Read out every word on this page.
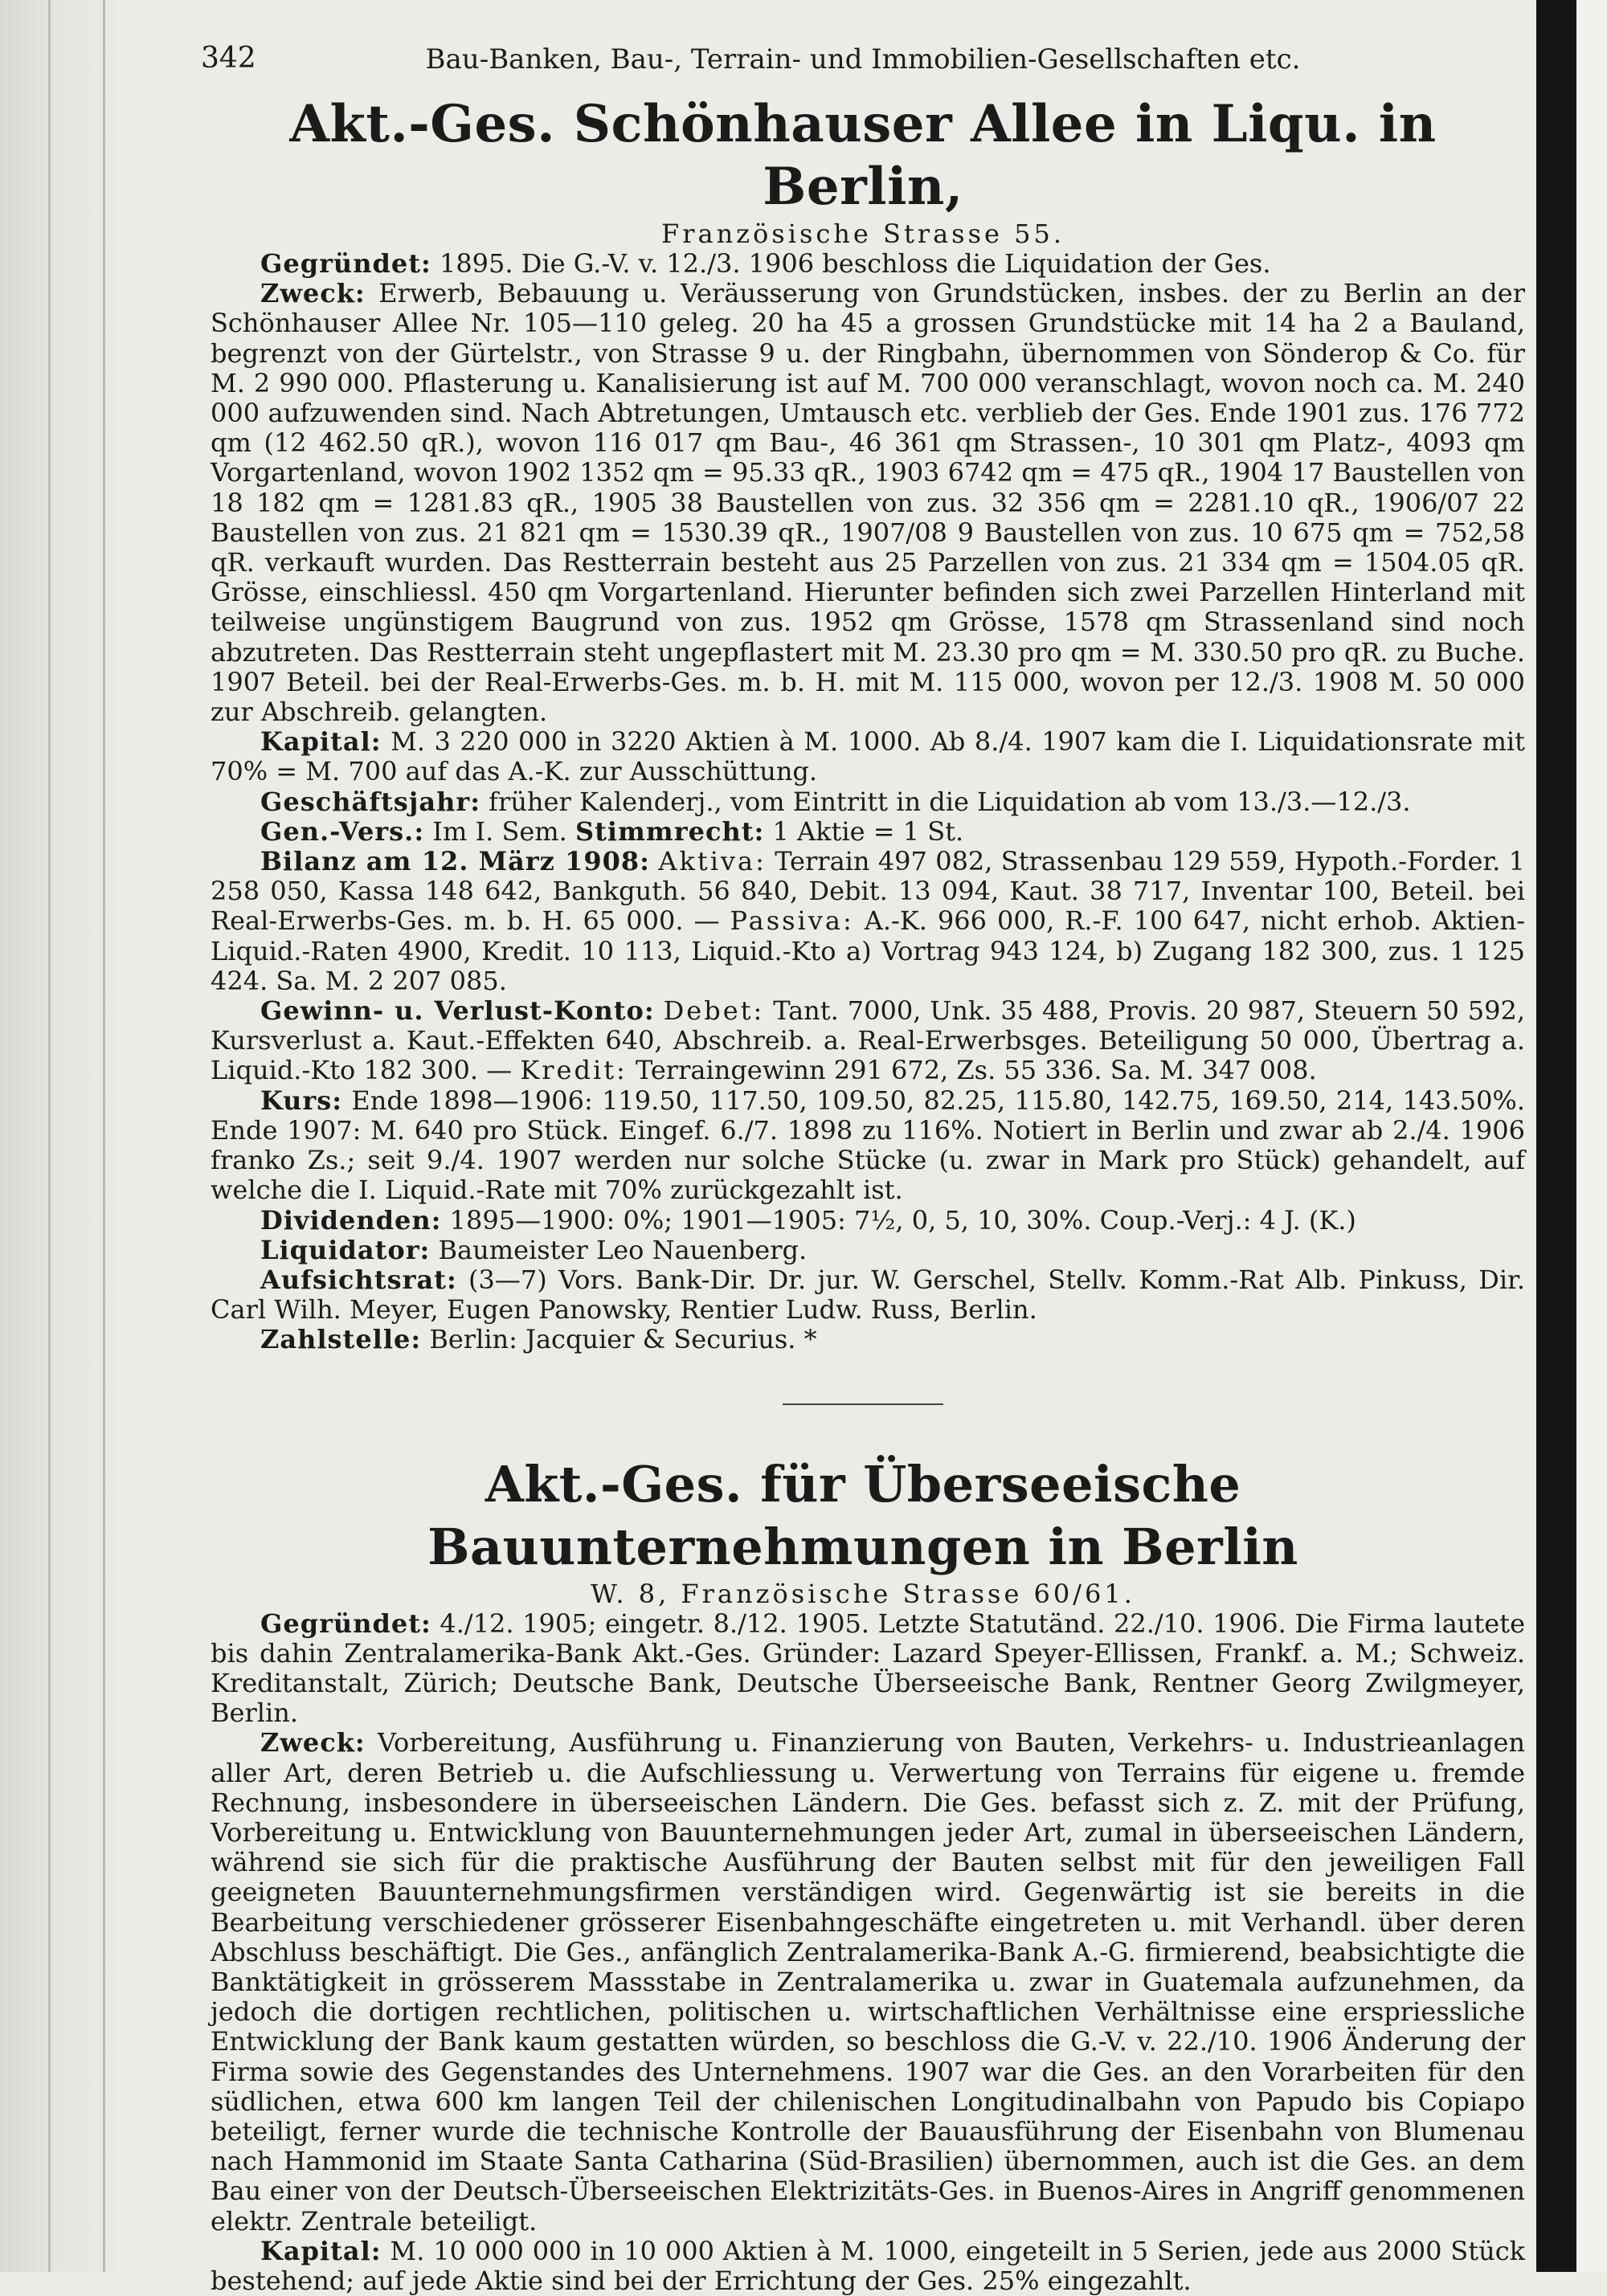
342	Bau-Banken, Bau-, Terrain- und Immobilien-Gesellschaften etc.
Akt.-Ges. Schönhauser Allee in Liqu. in Berlin,
Französische Strasse 55.

Gegründet: 1895. Die G.-V. v. 12./3. 1906 beschloss die Liquidation der Ges.

Zweck: Erwerb, Bebauung u. Veräusserung von Grundstücken, insbes. der zu Berlin an der Schönhauser Allee Nr. 105—110 geleg. 20 ha 45 a grossen Grundstücke mit 14 ha 2 a Bauland, begrenzt von der Gürtelstr., von Strasse 9 u. der Ringbahn, übernommen von Sönderop & Co. für M. 2 990 000. Pflasterung u. Kanalisierung ist auf M. 700 000 veranschlagt, wovon noch ca. M. 240 000 aufzuwenden sind. Nach Abtretungen, Umtausch etc. verblieb der Ges. Ende 1901 zus. 176 772 qm (12 462.50 qR.), wovon 116 017 qm Bau-, 46 361 qm Strassen-, 10 301 qm Platz-, 4093 qm Vorgartenland, wovon 1902 1352 qm = 95.33 qR., 1903 6742 qm = 475 qR., 1904 17 Baustellen von 18 182 qm = 1281.83 qR., 1905 38 Baustellen von zus. 32 356 qm = 2281.10 qR., 1906/07 22 Baustellen von zus. 21 821 qm = 1530.39 qR., 1907/08 9 Baustellen von zus. 10 675 qm = 752,58 qR. verkauft wurden. Das Restterrain besteht aus 25 Parzellen von zus. 21 334 qm = 1504.05 qR. Grösse, einschliessl. 450 qm Vorgartenland. Hierunter befinden sich zwei Parzellen Hinterland mit teilweise ungünstigem Baugrund von zus. 1952 qm Grösse, 1578 qm Strassenland sind noch abzutreten. Das Restterrain steht ungepflastert mit M. 23.30 pro qm = M. 330.50 pro qR. zu Buche. 1907 Beteil. bei der Real-Erwerbs-Ges. m. b. H. mit M. 115 000, wovon per 12./3. 1908 M. 50 000 zur Abschreib. gelangten.

Kapital: M. 3 220 000 in 3220 Aktien à M. 1000. Ab 8./4. 1907 kam die I. Liquidationsrate mit 70% = M. 700 auf das A.-K. zur Ausschüttung.

Geschäftsjahr: früher Kalenderj., vom Eintritt in die Liquidation ab vom 13./3.—12./3.

Gen.-Vers.: Im I. Sem. Stimmrecht: 1 Aktie = 1 St.

Bilanz am 12. März 1908: Aktiva: Terrain 497 082, Strassenbau 129 559, Hypoth.-Forder. 1 258 050, Kassa 148 642, Bankguth. 56 840, Debit. 13 094, Kaut. 38 717, Inventar 100, Beteil. bei Real-Erwerbs-Ges. m. b. H. 65 000. — Passiva: A.-K. 966 000, R.-F. 100 647, nicht erhob. Aktien-Liquid.-Raten 4900, Kredit. 10 113, Liquid.-Kto a) Vortrag 943 124, b) Zugang 182 300, zus. 1 125 424. Sa. M. 2 207 085.

Gewinn- u. Verlust-Konto: Debet: Tant. 7000, Unk. 35 488, Provis. 20 987, Steuern 50 592, Kursverlust a. Kaut.-Effekten 640, Abschreib. a. Real-Erwerbsges. Beteiligung 50 000, Übertrag a. Liquid.-Kto 182 300. — Kredit: Terraingewinn 291 672, Zs. 55 336. Sa. M. 347 008.

Kurs: Ende 1898—1906: 119.50, 117.50, 109.50, 82.25, 115.80, 142.75, 169.50, 214, 143.50%. Ende 1907: M. 640 pro Stück. Eingef. 6./7. 1898 zu 116%. Notiert in Berlin und zwar ab 2./4. 1906 franko Zs.; seit 9./4. 1907 werden nur solche Stücke (u. zwar in Mark pro Stück) gehandelt, auf welche die I. Liquid.-Rate mit 70% zurückgezahlt ist.

Dividenden: 1895—1900: 0%; 1901—1905: 7½, 0, 5, 10, 30%. Coup.-Verj.: 4 J. (K.)

Liquidator: Baumeister Leo Nauenberg.

Aufsichtsrat: (3—7) Vors. Bank-Dir. Dr. jur. W. Gerschel, Stellv. Komm.-Rat Alb. Pinkuss, Dir. Carl Wilh. Meyer, Eugen Panowsky, Rentier Ludw. Russ, Berlin.

Zahlstelle: Berlin: Jacquier & Securius. *

Akt.-Ges. für Überseeische Bauunternehmungen in Berlin
W. 8, Französische Strasse 60/61.

Gegründet: 4./12. 1905; eingetr. 8./12. 1905. Letzte Statutänd. 22./10. 1906. Die Firma lautete bis dahin Zentralamerika-Bank Akt.-Ges. Gründer: Lazard Speyer-Ellissen, Frankf. a. M.; Schweiz. Kreditanstalt, Zürich; Deutsche Bank, Deutsche Überseeische Bank, Rentner Georg Zwilgmeyer, Berlin.

Zweck: Vorbereitung, Ausführung u. Finanzierung von Bauten, Verkehrs- u. Industrieanlagen aller Art, deren Betrieb u. die Aufschliessung u. Verwertung von Terrains für eigene u. fremde Rechnung, insbesondere in überseeischen Ländern. Die Ges. befasst sich z. Z. mit der Prüfung, Vorbereitung u. Entwicklung von Bauunternehmungen jeder Art, zumal in überseeischen Ländern, während sie sich für die praktische Ausführung der Bauten selbst mit für den jeweiligen Fall geeigneten Bauunternehmungsfirmen verständigen wird. Gegenwärtig ist sie bereits in die Bearbeitung verschiedener grösserer Eisenbahngeschäfte eingetreten u. mit Verhandl. über deren Abschluss beschäftigt. Die Ges., anfänglich Zentralamerika-Bank A.-G. firmierend, beabsichtigte die Banktätigkeit in grösserem Massstabe in Zentralamerika u. zwar in Guatemala aufzunehmen, da jedoch die dortigen rechtlichen, politischen u. wirtschaftlichen Verhältnisse eine erspriessliche Entwicklung der Bank kaum gestatten würden, so beschloss die G.-V. v. 22./10. 1906 Änderung der Firma sowie des Gegenstandes des Unternehmens. 1907 war die Ges. an den Vorarbeiten für den südlichen, etwa 600 km langen Teil der chilenischen Longitudinalbahn von Papudo bis Copiapo beteiligt, ferner wurde die technische Kontrolle der Bauausführung der Eisenbahn von Blumenau nach Hammonid im Staate Santa Catharina (Süd-Brasilien) übernommen, auch ist die Ges. an dem Bau einer von der Deutsch-Überseeischen Elektrizitäts-Ges. in Buenos-Aires in Angriff genommenen elektr. Zentrale beteiligt.

Kapital: M. 10 000 000 in 10 000 Aktien à M. 1000, eingeteilt in 5 Serien, jede aus 2000 Stück bestehend; auf jede Aktie sind bei der Errichtung der Ges. 25% eingezahlt.
